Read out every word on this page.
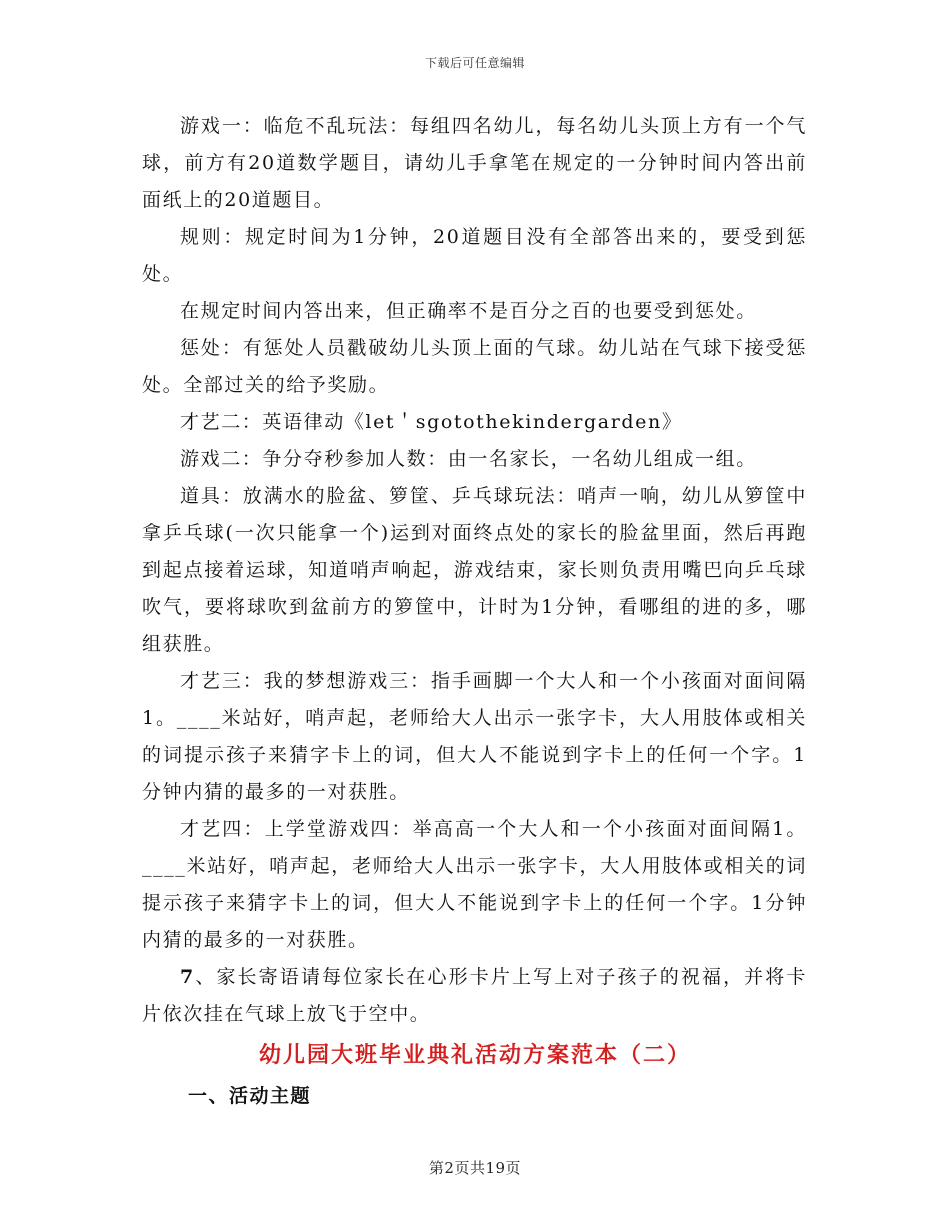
下载后可任意编辑

游戏一：临危不乱玩法：每组四名幼儿，每名幼儿头顶上方有一个气球，前方有20道数学题目，请幼儿手拿笔在规定的一分钟时间内答出前面纸上的20道题目。

规则：规定时间为1分钟，20道题目没有全部答出来的，要受到惩处。

在规定时间内答出来，但正确率不是百分之百的也要受到惩处。

惩处：有惩处人员戳破幼儿头顶上面的气球。幼儿站在气球下接受惩处。全部过关的给予奖励。

才艺二：英语律动《let＇sgotothekindergarden》

游戏二：争分夺秒参加人数：由一名家长，一名幼儿组成一组。

道具：放满水的脸盆、箩筐、乒乓球玩法：哨声一响，幼儿从箩筐中拿乒乓球(一次只能拿一个)运到对面终点处的家长的脸盆里面，然后再跑到起点接着运球，知道哨声响起，游戏结束，家长则负责用嘴巴向乒乓球吹气，要将球吹到盆前方的箩筐中，计时为1分钟，看哪组的进的多，哪组获胜。

才艺三：我的梦想游戏三：指手画脚一个大人和一个小孩面对面间隔1。____米站好，哨声起，老师给大人出示一张字卡，大人用肢体或相关的词提示孩子来猜字卡上的词，但大人不能说到字卡上的任何一个字。1分钟内猜的最多的一对获胜。

才艺四：上学堂游戏四：举高高一个大人和一个小孩面对面间隔1。____米站好，哨声起，老师给大人出示一张字卡，大人用肢体或相关的词提示孩子来猜字卡上的词，但大人不能说到字卡上的任何一个字。1分钟内猜的最多的一对获胜。

7、家长寄语请每位家长在心形卡片上写上对子孩子的祝福，并将卡片依次挂在气球上放飞于空中。

幼儿园大班毕业典礼活动方案范本（二）
一、活动主题
第2页共19页
